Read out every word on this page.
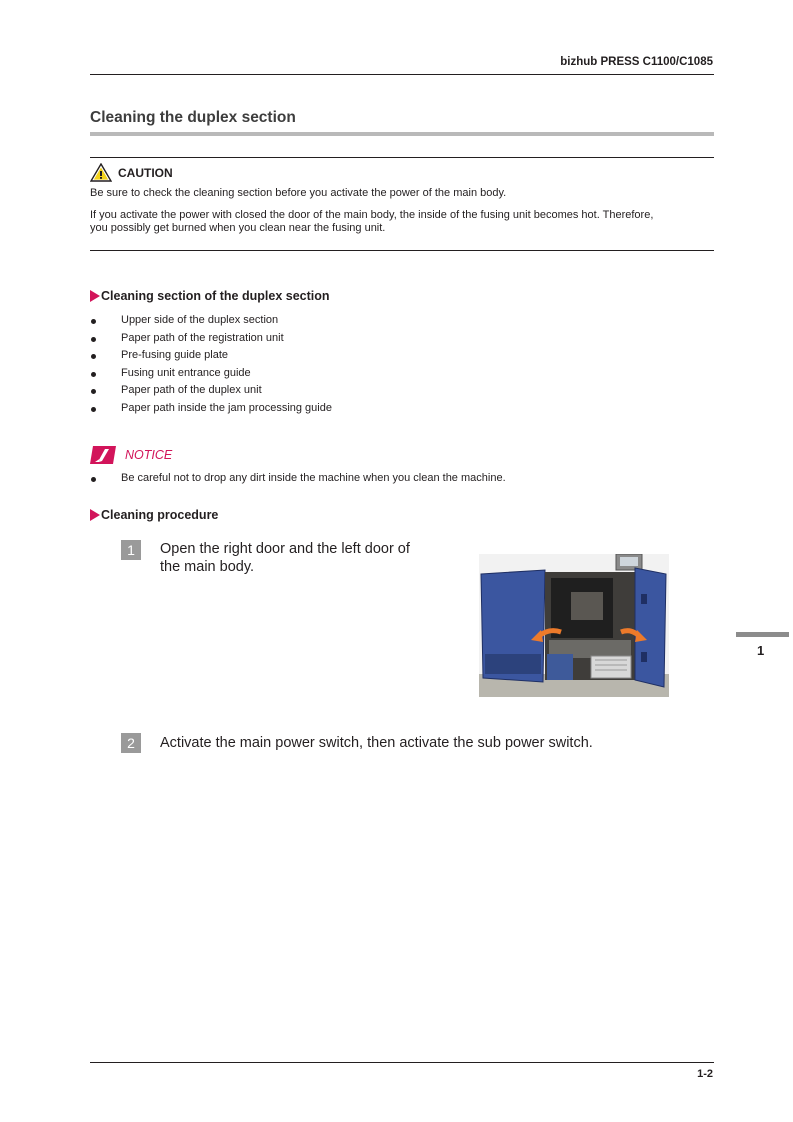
bizhub PRESS C1100/C1085
Cleaning the duplex section
CAUTION
Be sure to check the cleaning section before you activate the power of the main body.
If you activate the power with closed the door of the main body, the inside of the fusing unit becomes hot. Therefore,
you possibly get burned when you clean near the fusing unit.
Cleaning section of the duplex section
Upper side of the duplex section
Paper path of the registration unit
Pre-fusing guide plate
Fusing unit entrance guide
Paper path of the duplex unit
Paper path inside the jam processing guide
NOTICE
Be careful not to drop any dirt inside the machine when you clean the machine.
Cleaning procedure
1	Open the right door and the left door of
the main body.
2	Activate the main power switch, then activate the sub power switch.
1
1-2
